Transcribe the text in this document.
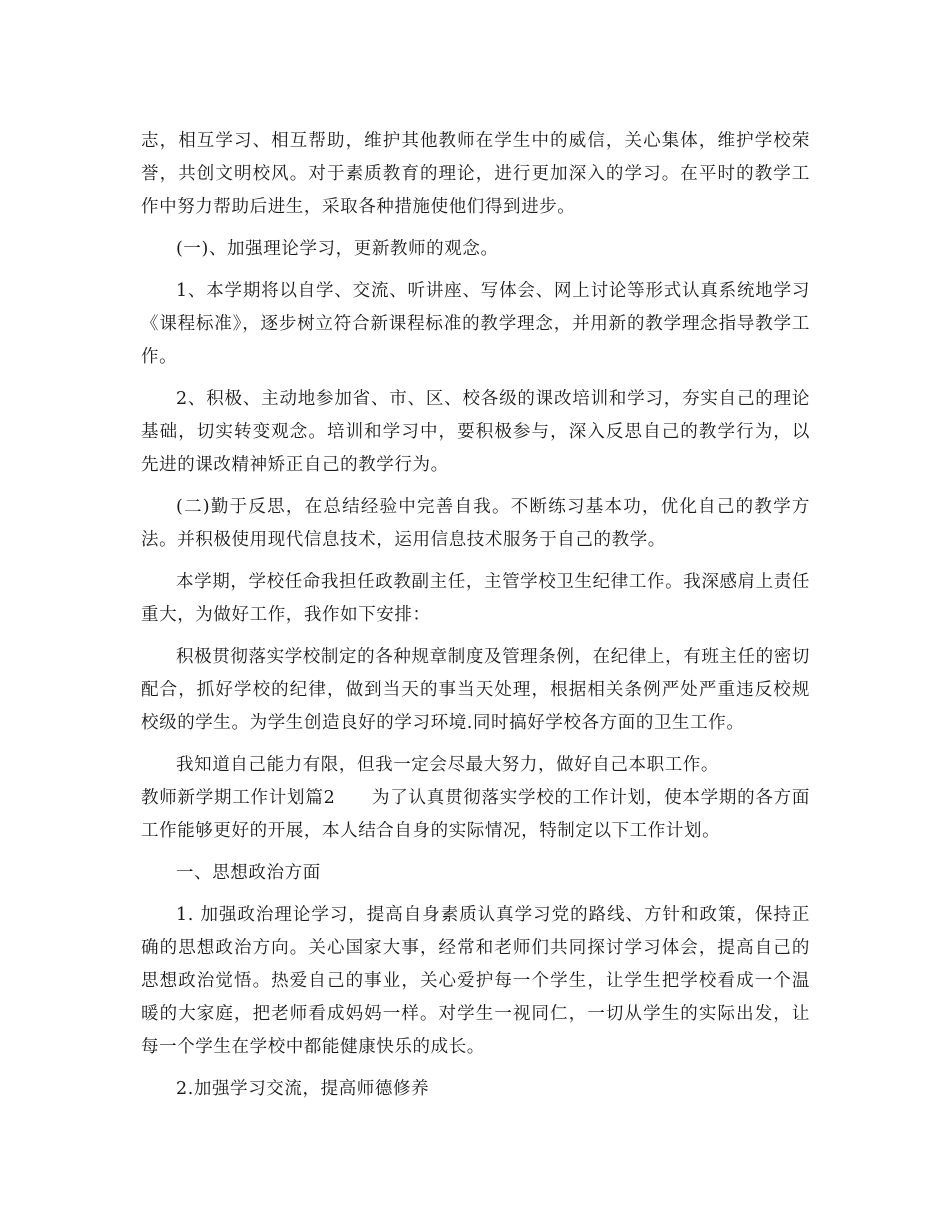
志，相互学习、相互帮助，维护其他教师在学生中的威信，关心集体，维护学校荣誉，共创文明校风。对于素质教育的理论，进行更加深入的学习。在平时的教学工作中努力帮助后进生，采取各种措施使他们得到进步。

(一)、加强理论学习，更新教师的观念。

1、本学期将以自学、交流、听讲座、写体会、网上讨论等形式认真系统地学习《课程标准》，逐步树立符合新课程标准的教学理念，并用新的教学理念指导教学工作。

2、积极、主动地参加省、市、区、校各级的课改培训和学习，夯实自己的理论基础，切实转变观念。培训和学习中，要积极参与，深入反思自己的教学行为，以先进的课改精神矫正自己的教学行为。

(二)勤于反思，在总结经验中完善自我。不断练习基本功，优化自己的教学方法。并积极使用现代信息技术，运用信息技术服务于自己的教学。

本学期，学校任命我担任政教副主任，主管学校卫生纪律工作。我深感肩上责任重大，为做好工作，我作如下安排：

积极贯彻落实学校制定的各种规章制度及管理条例，在纪律上，有班主任的密切配合，抓好学校的纪律，做到当天的事当天处理，根据相关条例严处严重违反校规校级的学生。为学生创造良好的学习环境.同时搞好学校各方面的卫生工作。

我知道自己能力有限，但我一定会尽最大努力，做好自己本职工作。

教师新学期工作计划篇2　　为了认真贯彻落实学校的工作计划，使本学期的各方面工作能够更好的开展，本人结合自身的实际情况，特制定以下工作计划。

一、思想政治方面

1. 加强政治理论学习，提高自身素质认真学习党的路线、方针和政策，保持正确的思想政治方向。关心国家大事，经常和老师们共同探讨学习体会，提高自己的思想政治觉悟。热爱自己的事业，关心爱护每一个学生，让学生把学校看成一个温暖的大家庭，把老师看成妈妈一样。对学生一视同仁，一切从学生的实际出发，让每一个学生在学校中都能健康快乐的成长。

2.加强学习交流，提高师德修养
